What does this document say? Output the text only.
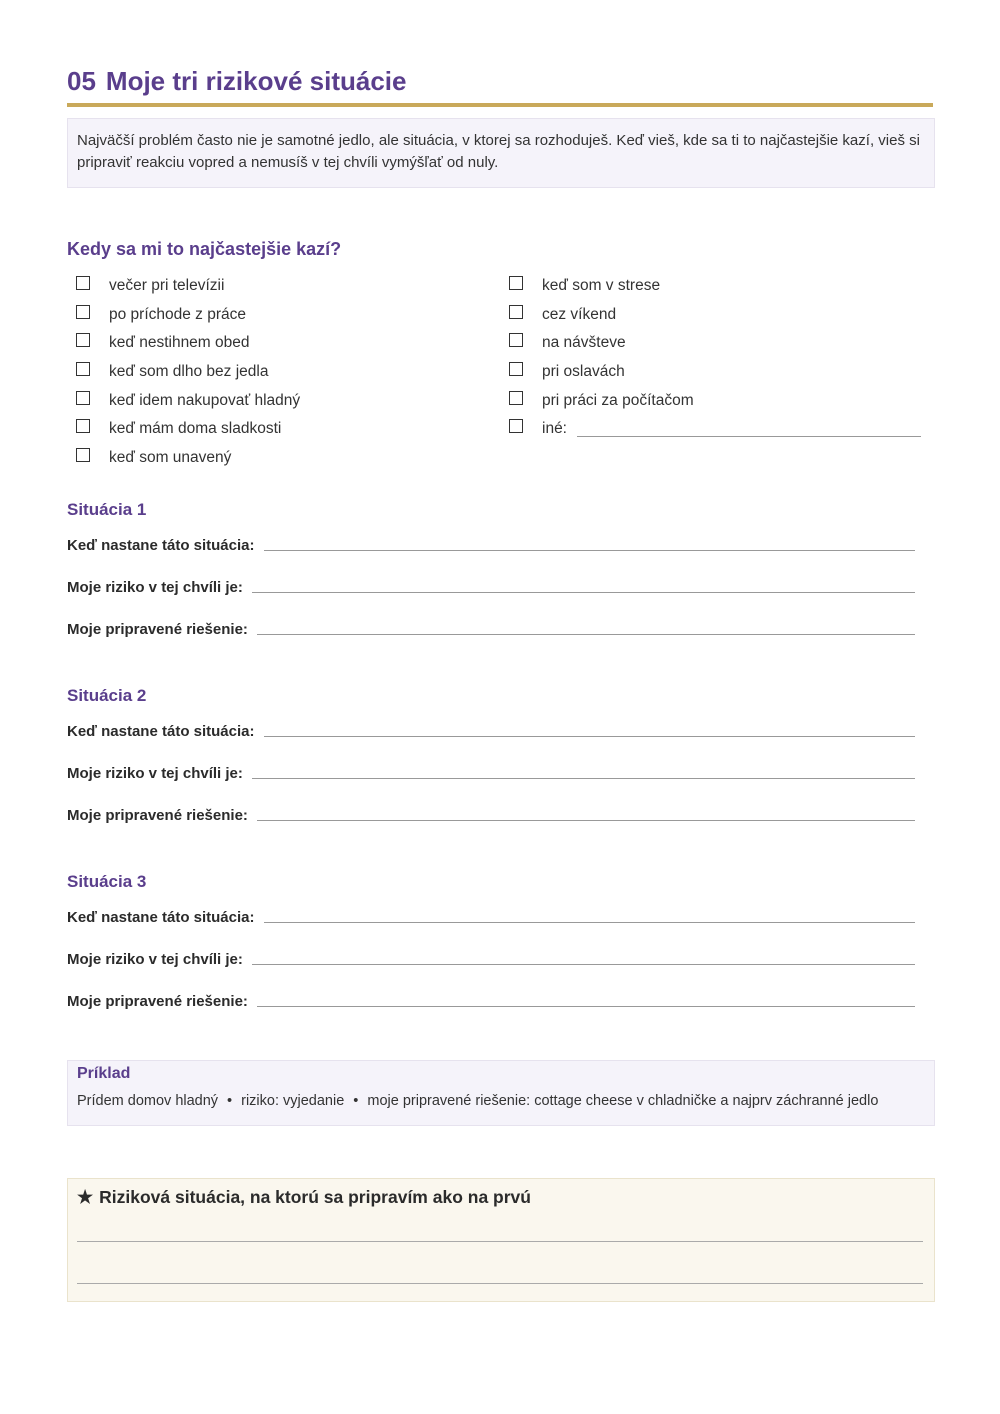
05 Moje tri rizikové situácie
Najväčší problém často nie je samotné jedlo, ale situácia, v ktorej sa rozhoduješ. Keď vieš, kde sa ti to najčastejšie kazí, vieš si pripraviť reakciu vopred a nemusíš v tej chvíli vymýšľať od nuly.
Kedy sa mi to najčastejšie kazí?
večer pri televízii
po príchode z práce
keď nestihnem obed
keď som dlho bez jedla
keď idem nakupovať hladný
keď mám doma sladkosti
keď som unavený
keď som v strese
cez víkend
na návšteve
pri oslavách
pri práci za počítačom
iné:
Situácia 1
Keď nastane táto situácia:
Moje riziko v tej chvíli je:
Moje pripravené riešenie:
Situácia 2
Keď nastane táto situácia:
Moje riziko v tej chvíli je:
Moje pripravené riešenie:
Situácia 3
Keď nastane táto situácia:
Moje riziko v tej chvíli je:
Moje pripravené riešenie:
Príklad
Prídem domov hladný • riziko: vyjedanie • moje pripravené riešenie: cottage cheese v chladničke a najprv záchranné jedlo
★ Riziková situácia, na ktorú sa pripravím ako na prvú
